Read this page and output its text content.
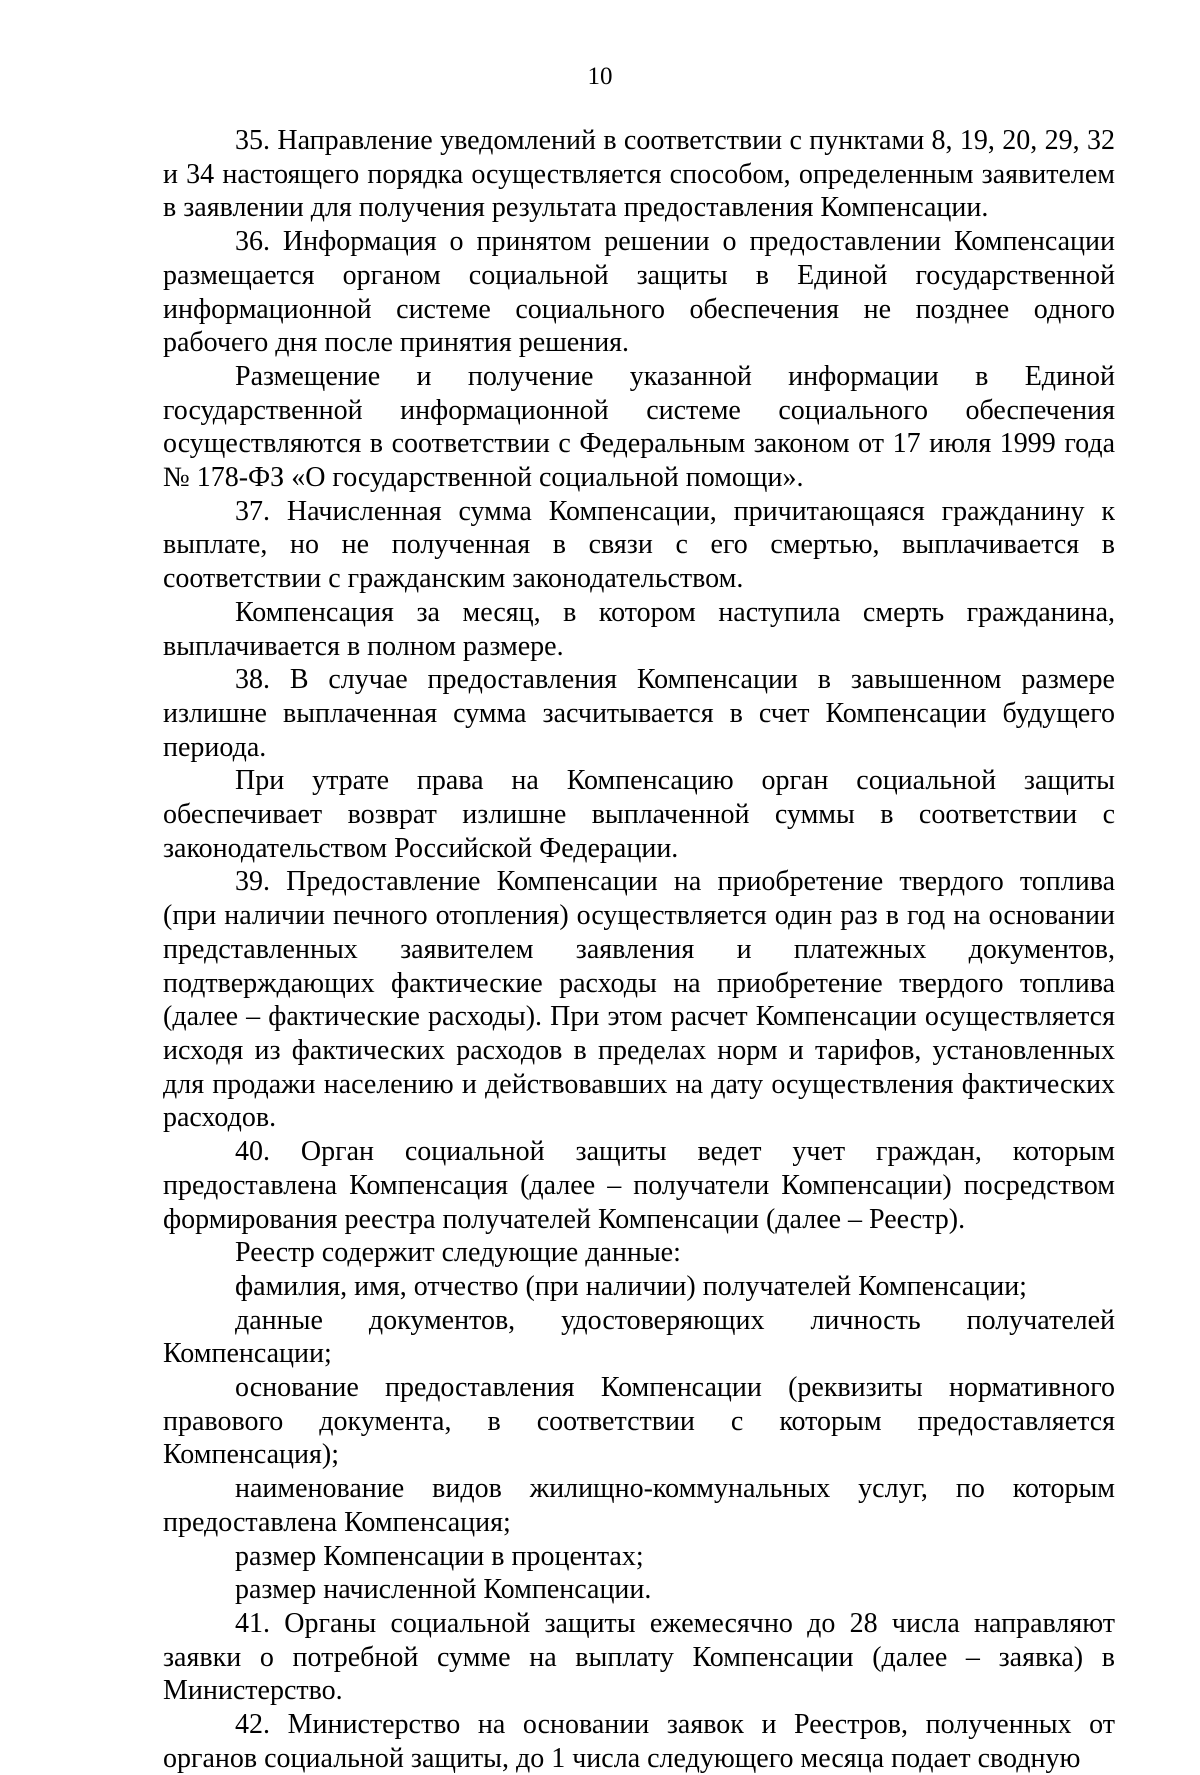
10

35. Направление уведомлений в соответствии с пунктами 8, 19, 20, 29, 32 и 34 настоящего порядка осуществляется способом, определенным заявителем в заявлении для получения результата предоставления Компенсации.

36. Информация о принятом решении о предоставлении Компенсации размещается органом социальной защиты в Единой государственной информационной системе социального обеспечения не позднее одного рабочего дня после принятия решения.

Размещение и получение указанной информации в Единой государственной информационной системе социального обеспечения осуществляются в соответствии с Федеральным законом от 17 июля 1999 года № 178-ФЗ «О государственной социальной помощи».

37. Начисленная сумма Компенсации, причитающаяся гражданину к выплате, но не полученная в связи с его смертью, выплачивается в соответствии с гражданским законодательством.

Компенсация за месяц, в котором наступила смерть гражданина, выплачивается в полном размере.

38. В случае предоставления Компенсации в завышенном размере излишне выплаченная сумма засчитывается в счет Компенсации будущего периода.

При утрате права на Компенсацию орган социальной защиты обеспечивает возврат излишне выплаченной суммы в соответствии с законодательством Российской Федерации.

39. Предоставление Компенсации на приобретение твердого топлива (при наличии печного отопления) осуществляется один раз в год на основании представленных заявителем заявления и платежных документов, подтверждающих фактические расходы на приобретение твердого топлива (далее – фактические расходы). При этом расчет Компенсации осуществляется исходя из фактических расходов в пределах норм и тарифов, установленных для продажи населению и действовавших на дату осуществления фактических расходов.

40. Орган социальной защиты ведет учет граждан, которым предоставлена Компенсация (далее – получатели Компенсации) посредством формирования реестра получателей Компенсации (далее – Реестр).

Реестр содержит следующие данные:

фамилия, имя, отчество (при наличии) получателей Компенсации;

данные документов, удостоверяющих личность получателей Компенсации;

основание предоставления Компенсации (реквизиты нормативного правового документа, в соответствии с которым предоставляется Компенсация);

наименование видов жилищно-коммунальных услуг, по которым предоставлена Компенсация;

размер Компенсации в процентах;

размер начисленной Компенсации.

41. Органы социальной защиты ежемесячно до 28 числа направляют заявки о потребной сумме на выплату Компенсации (далее – заявка) в Министерство.

42. Министерство на основании заявок и Реестров, полученных от органов социальной защиты, до 1 числа следующего месяца подает сводную
